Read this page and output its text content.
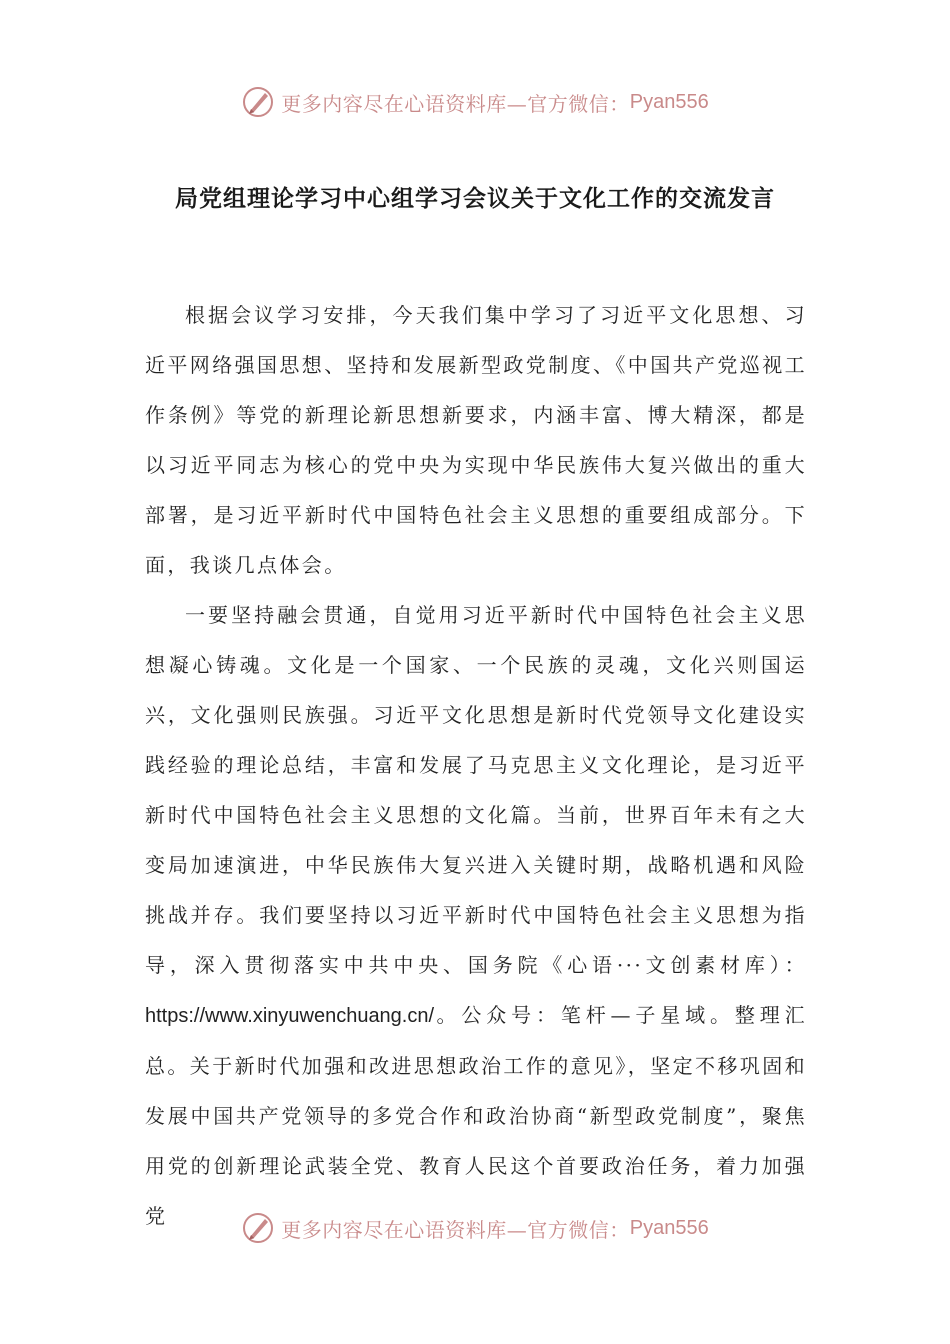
更多内容尽在心语资料库—官方微信： Pyan556
局党组理论学习中心组学习会议关于文化工作的交流发言

根据会议学习安排，今天我们集中学习了习近平文化思想、习近平网络强国思想、坚持和发展新型政党制度、《中国共产党巡视工作条例》等党的新理论新思想新要求，内涵丰富、博大精深，都是以习近平同志为核心的党中央为实现中华民族伟大复兴做出的重大部署，是习近平新时代中国特色社会主义思想的重要组成部分。下面，我谈几点体会。

一要坚持融会贯通，自觉用习近平新时代中国特色社会主义思想凝心铸魂。文化是一个国家、一个民族的灵魂，文化兴则国运兴，文化强则民族强。习近平文化思想是新时代党领导文化建设实践经验的理论总结，丰富和发展了马克思主义文化理论，是习近平新时代中国特色社会主义思想的文化篇。当前，世界百年未有之大变局加速演进，中华民族伟大复兴进入关键时期，战略机遇和风险挑战并存。我们要坚持以习近平新时代中国特色社会主义思想为指导，深入贯彻落实中共中央、国务院《心语···文创素材库）：https://www.xinyuwenchuang.cn/。公众号：笔杆—子星域。整理汇总。关于新时代加强和改进思想政治工作的意见》，坚定不移巩固和发展中国共产党领导的多党合作和政治协商“新型政党制度”，聚焦用党的创新理论武装全党、教育人民这个首要政治任务，着力加强党

更多内容尽在心语资料库—官方微信： Pyan556
